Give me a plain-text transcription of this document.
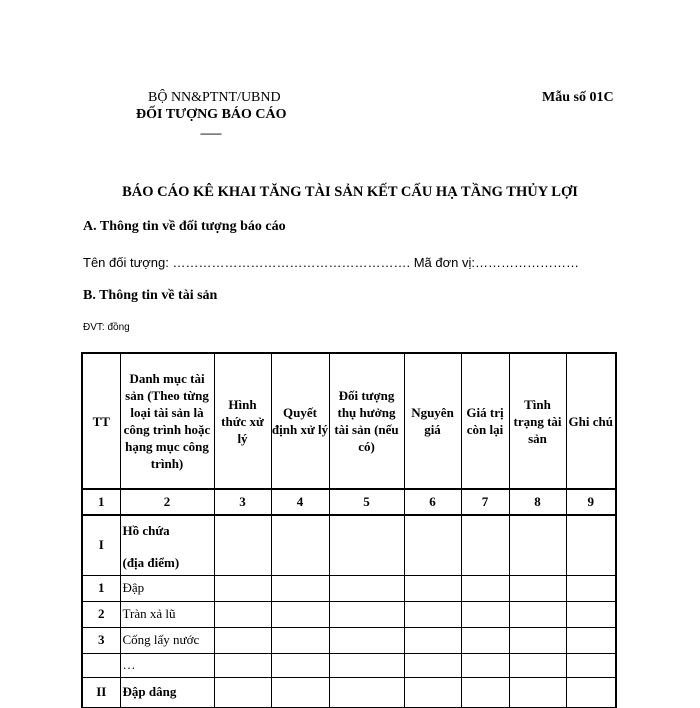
BỘ NN&PTNT/UBND
ĐỐI TƯỢNG BÁO CÁO
-------
Mẫu số 01C
BÁO CÁO KÊ KHAI TĂNG TÀI SẢN KẾT CẤU HẠ TẦNG THỦY LỢI
A. Thông tin về đối tượng báo cáo
Tên đối tượng: ………………………………………………. Mã đơn vị:……………………
B. Thông tin về tài sản
ĐVT: đồng
TT	Danh mục tài sản (Theo từng loại tài sản là công trình hoặc hạng mục công trình)	Hình thức xử lý	Quyết định xử lý	Đối tượng thụ hưởng tài sản (nếu có)	Nguyên giá	Giá trị còn lại	Tình trạng tài sản	Ghi chú
1	2	3	4	5	6	7	8	9
I	Hồ chứa
(địa điểm)							

1	Đập							
2	Tràn xả lũ							
3	Cống lấy nước							
	…							
II	Đập dâng							
